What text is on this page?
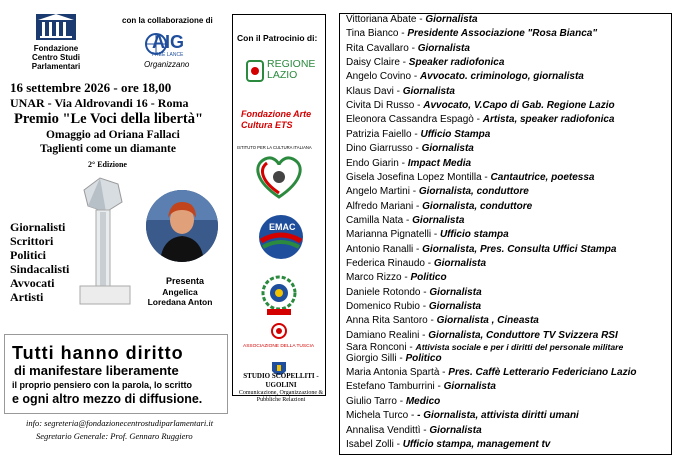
Fondazione Centro Studi Parlamentari
con la collaborazione di
AIG
FREE LANCE
Organizzano
16 settembre 2026 - ore 18,00
UNAR - Via Aldrovandi 16 - Roma
Premio "Le Voci della libertà"
Omaggio ad Oriana Fallaci
Taglienti come un diamante
2° Edizione
Giornalisti
Scrittori
Politici
Sindacalisti
Avvocati
Artisti
Presenta
Angelica Loredana Anton
Tutti hanno diritto
di manifestare liberamente
il proprio pensiero con la parola, lo scritto
e ogni altro mezzo di diffusione.
info: segreteria@fondazionecentrostudiparlamentari.it
Segretario Generale: Prof. Gennaro Ruggiero
Con il Patrocinio di:
REGIONE LAZIO
Fondazione Arte Cultura ETS
ISTITUTO PER LA CULTURA ITALIANA
EMAC
ASSOCIAZIONE DELLA TUSCIA
STUDIO SCOPELLITI - UGOLINI
Comunicazione, Organizzazione & Pubbliche Relazioni
Vittoriana Abate - Giornalista
Tina Bianco - Presidente Associazione "Rosa Bianca"
Rita Cavallaro - Giornalista
Daisy Claire - Speaker radiofonica
Angelo Covino - Avvocato. criminologo, giornalista
Klaus Davi - Giornalista
Civita Di Russo - Avvocato, V.Capo di Gab. Regione Lazio
Eleonora Cassandra Espagò - Artista, speaker radiofonica
Patrizia Faiello - Ufficio Stampa
Dino Giarrusso - Giornalista
Endo Giarin - Impact Media
Gisela Josefina Lopez Montilla - Cantautrice, poetessa
Angelo Martini - Giornalista, conduttore
Alfredo Mariani - Giornalista, conduttore
Camilla Nata - Giornalista
Marianna Pignatelli - Ufficio stampa
Antonio Ranalli - Giornalista, Pres. Consulta Uffici Stampa
Federica Rinaudo - Giornalista
Marco Rizzo - Politico
Daniele Rotondo - Giornalista
Domenico Rubio - Giornalista
Anna Rita Santoro - Giornalista , Cineasta
Damiano Realini - Giornalista, Conduttore TV Svizzera RSI
Sara Ronconi - Attivista sociale e per i diritti del personale militare
Giorgio Silli - Politico
Maria Antonia Spartà - Pres. Caffè Letterario Federiciano Lazio
Estefano Tamburrini - Giornalista
Giulio Tarro - Medico
Michela Turco - - Giornalista, attivista diritti umani
Annalisa Vendittì - Giornalista
Isabel Zolli - Ufficio stampa, management tv
